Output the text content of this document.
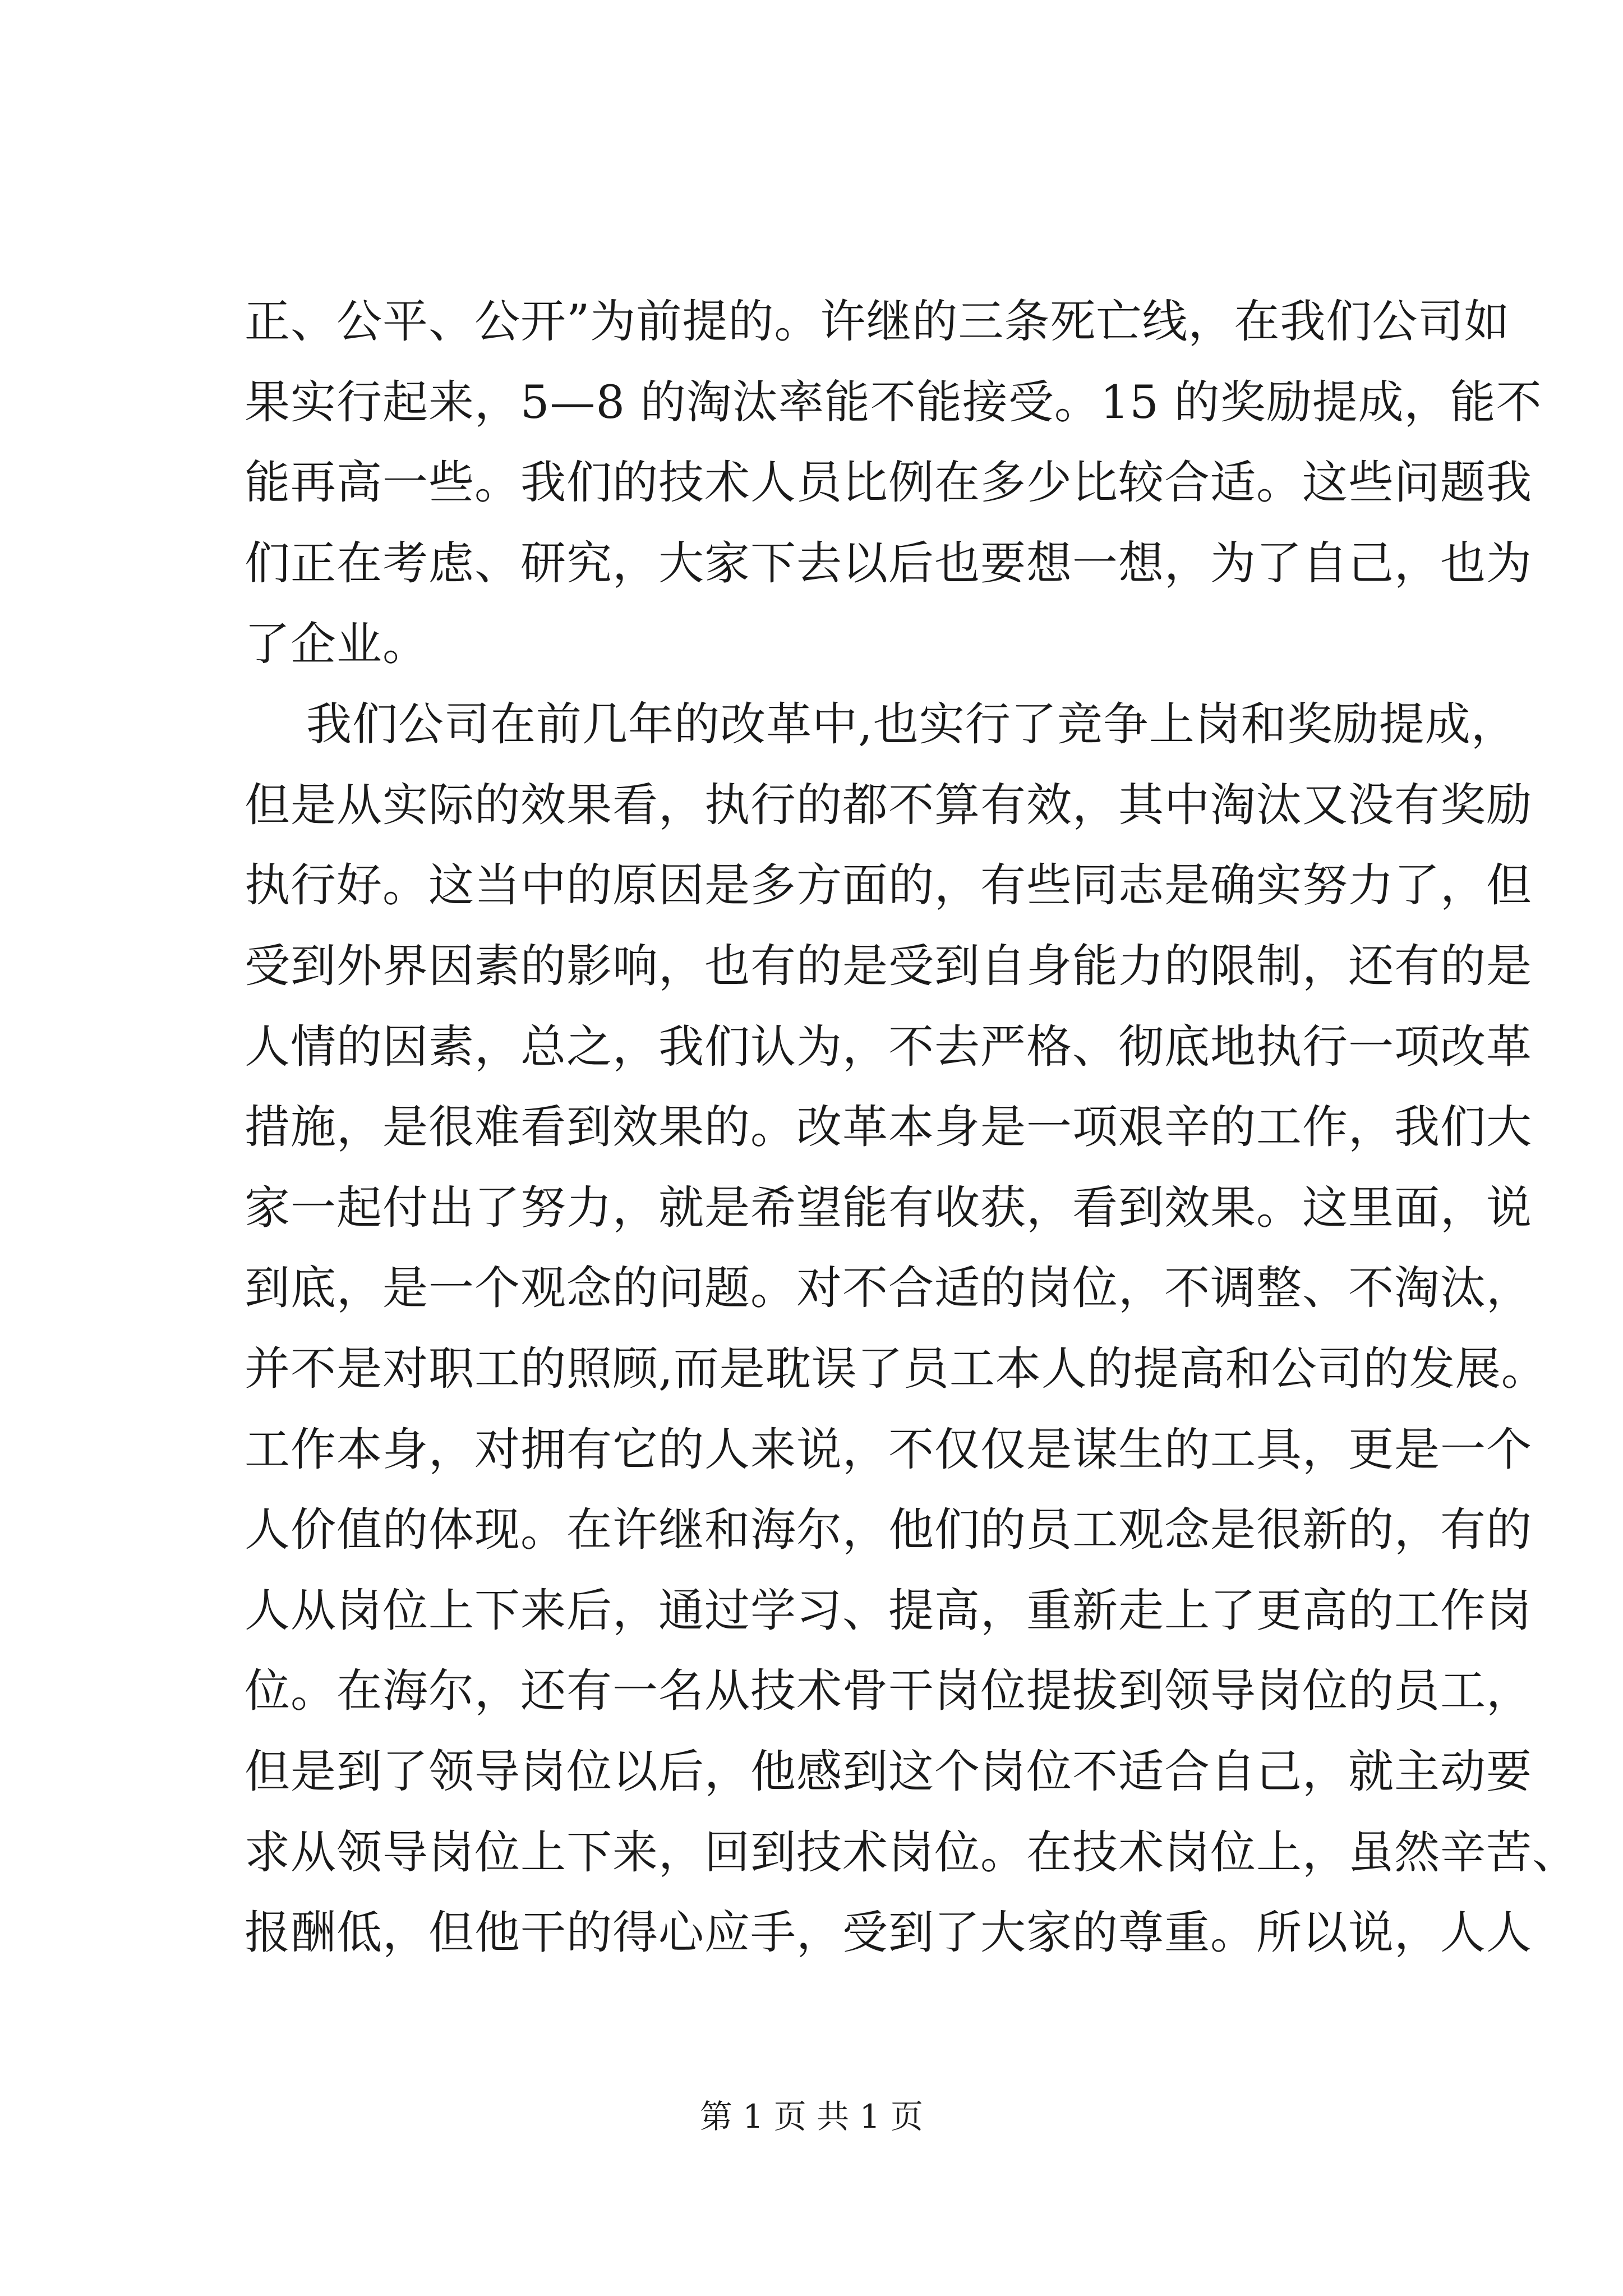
正、公平、公开”为前提的。许继的三条死亡线，在我们公司如
果实行起来，5—8 的淘汰率能不能接受。15 的奖励提成，能不
能再高一些。我们的技术人员比例在多少比较合适。这些问题我
们正在考虑、研究，大家下去以后也要想一想，为了自己，也为
了企业。
我们公司在前几年的改革中,也实行了竞争上岗和奖励提成，
但是从实际的效果看，执行的都不算有效，其中淘汰又没有奖励
执行好。这当中的原因是多方面的，有些同志是确实努力了，但
受到外界因素的影响，也有的是受到自身能力的限制，还有的是
人情的因素，总之，我们认为，不去严格、彻底地执行一项改革
措施，是很难看到效果的。改革本身是一项艰辛的工作，我们大
家一起付出了努力，就是希望能有收获，看到效果。这里面，说
到底，是一个观念的问题。对不合适的岗位，不调整、不淘汰，
并不是对职工的照顾,而是耽误了员工本人的提高和公司的发展。
工作本身，对拥有它的人来说，不仅仅是谋生的工具，更是一个
人价值的体现。在许继和海尔，他们的员工观念是很新的，有的
人从岗位上下来后，通过学习、提高，重新走上了更高的工作岗
位。在海尔，还有一名从技术骨干岗位提拔到领导岗位的员工，
但是到了领导岗位以后，他感到这个岗位不适合自己，就主动要
求从领导岗位上下来，回到技术岗位。在技术岗位上，虽然辛苦、
报酬低，但他干的得心应手，受到了大家的尊重。所以说，人人
第 1 页 共 1 页
